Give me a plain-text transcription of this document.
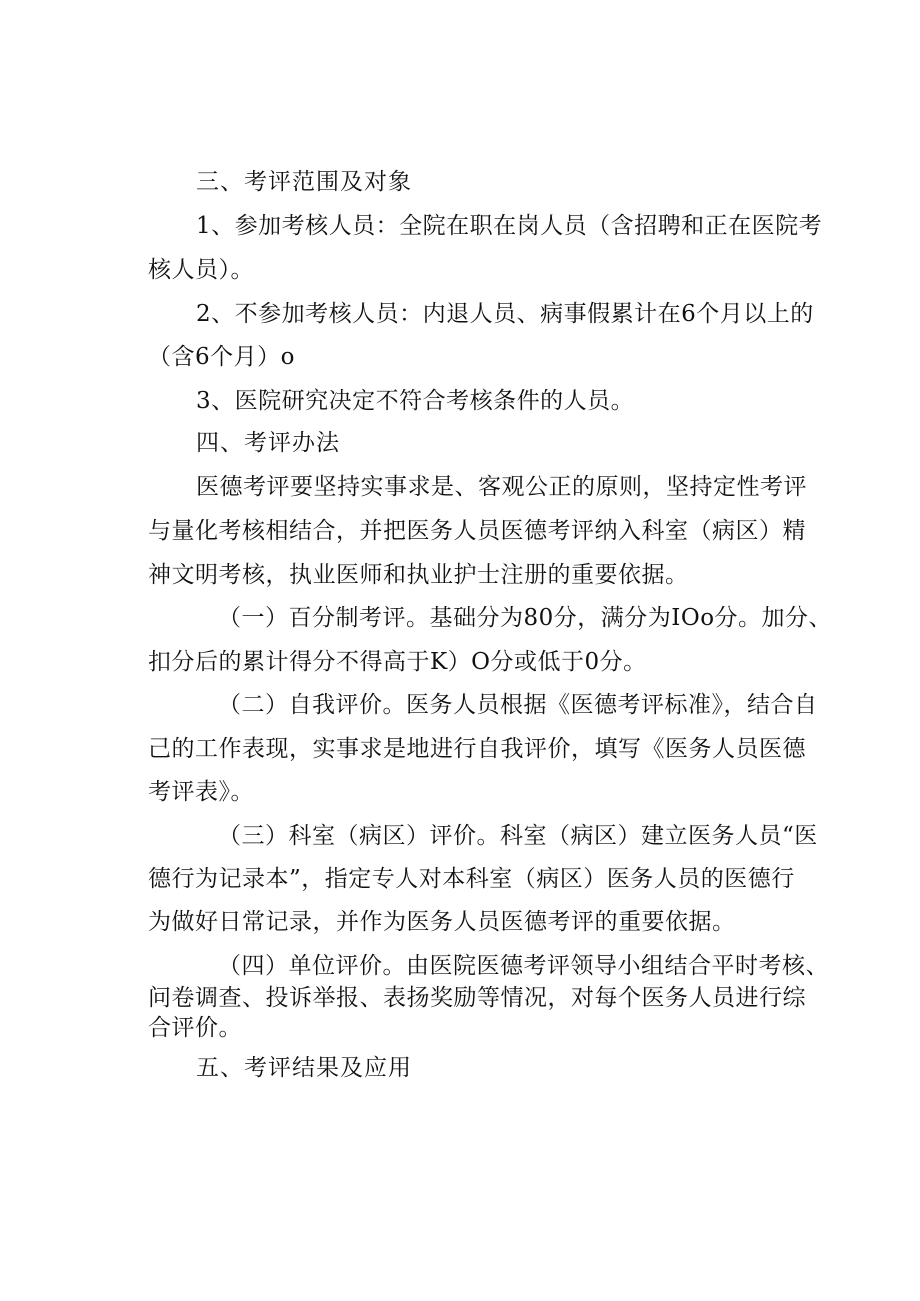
三、考评范围及对象
1、参加考核人员：全院在职在岗人员（含招聘和正在医院考
核人员）。
2、不参加考核人员：内退人员、病事假累计在6个月以上的
（含6个月）o
3、医院研究决定不符合考核条件的人员。
四、考评办法
医德考评要坚持实事求是、客观公正的原则，坚持定性考评
与量化考核相结合，并把医务人员医德考评纳入科室（病区）精
神文明考核，执业医师和执业护士注册的重要依据。
（一）百分制考评。基础分为80分，满分为IOo分。加分、
扣分后的累计得分不得高于K）O分或低于0分。
（二）自我评价。医务人员根据《医德考评标准》，结合自
己的工作表现，实事求是地进行自我评价，填写《医务人员医德
考评表》。
（三）科室（病区）评价。科室（病区）建立医务人员“医
德行为记录本”，指定专人对本科室（病区）医务人员的医德行
为做好日常记录，并作为医务人员医德考评的重要依据。
（四）单位评价。由医院医德考评领导小组结合平时考核、
问卷调查、投诉举报、表扬奖励等情况，对每个医务人员进行综
合评价。
五、考评结果及应用
